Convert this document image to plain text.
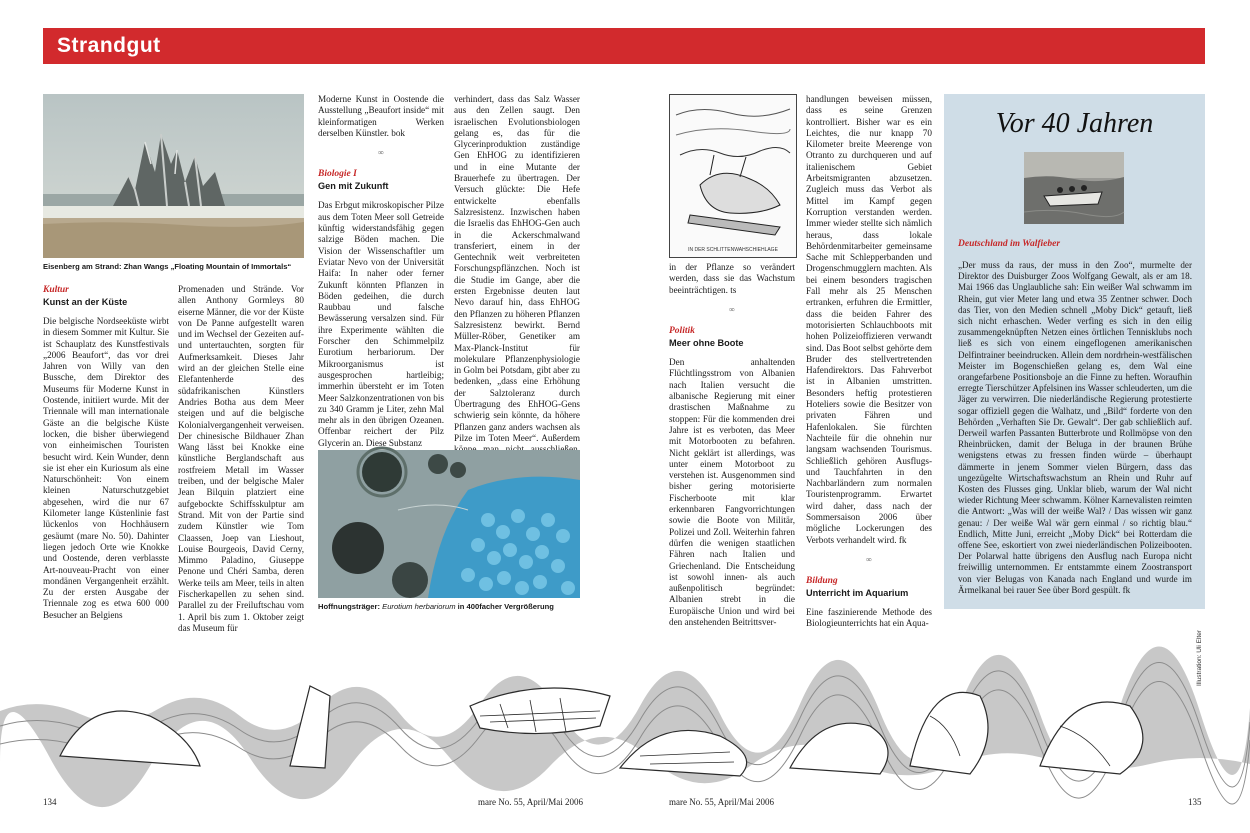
Strandgut
Eisenberg am Strand: Zhan Wangs „Floating Mountain of Immortals“
Kultur
Kunst an der Küste

Die belgische Nordseeküste wirbt in diesem Sommer mit Kultur. Sie ist Schauplatz des Kunstfestivals „2006 Beaufort“, das vor drei Jahren von Willy van den Bussche, dem Direktor des Museums für Moderne Kunst in Oostende, initiiert wurde. Mit der Triennale will man internationale Gäste an die belgische Küste locken, die bisher überwiegend von einheimischen Touristen besucht wird. Kein Wunder, denn sie ist eher ein Kuriosum als eine Naturschönheit: Von einem kleinen Naturschutzgebiet abgesehen, wird die nur 67 Kilometer lange Küstenlinie fast lückenlos von Hochhäusern gesäumt (mare No. 50). Dahinter liegen jedoch Orte wie Knokke und Oostende, deren verblasste Art-nouveau-Pracht von einer mondänen Vergangenheit erzählt. Zu der ersten Ausgabe der Triennale zog es etwa 600 000 Besucher an Belgiens

Promenaden und Strände. Vor allen Anthony Gormleys 80 eiserne Männer, die vor der Küste von De Panne aufgestellt waren und im Wechsel der Gezeiten auf- und untertauchten, sorgten für Aufmerksamkeit. Dieses Jahr wird an der gleichen Stelle eine Elefantenherde des südafrikanischen Künstlers Andries Botha aus dem Meer steigen und auf die belgische Kolonialvergangenheit verweisen. Der chinesische Bildhauer Zhan Wang lässt bei Knokke eine künstliche Berglandschaft aus rostfreiem Metall im Wasser treiben, und der belgische Maler Jean Bilquin platziert eine aufgebockte Schiffsskulptur am Strand. Mit von der Partie sind zudem Künstler wie Tom Claassen, Joep van Lieshout, Louise Bourgeois, David Cerny, Mimmo Paladino, Giuseppe Penone und Chéri Samba, deren Werke teils am Meer, teils in alten Fischerkapellen zu sehen sind. Parallel zu der Freiluftschau vom 1. April bis zum 1. Oktober zeigt das Museum für

Moderne Kunst in Oostende die Ausstellung „Beaufort inside“ mit kleinformatigen Werken derselben Künstler. bok

∞
Biologie I
Gen mit Zukunft

Das Erbgut mikroskopischer Pilze aus dem Toten Meer soll Getreide künftig widerstandsfähig gegen salzige Böden machen. Die Vision der Wissenschaftler um Eviatar Nevo von der Universität Haifa: In naher oder ferner Zukunft könnten Pflanzen in Böden gedeihen, die durch Raubbau und falsche Bewässerung versalzen sind. Für ihre Experimente wählten die Forscher den Schimmelpilz Eurotium herbariorum. Der Mikroorganismus ist ausgesprochen hartleibig; immerhin übersteht er im Toten Meer Salzkonzentrationen von bis zu 340 Gramm je Liter, zehn Mal mehr als in den übrigen Ozeanen. Offenbar reichert der Pilz Glycerin an. Diese Substanz

verhindert, dass das Salz Wasser aus den Zellen saugt. Den israelischen Evolutionsbiologen gelang es, das für die Glycerinproduktion zuständige Gen EhHOG zu identifizieren und in eine Mutante der Brauerhefe zu übertragen. Der Versuch glückte: Die Hefe entwickelte ebenfalls Salzresistenz. Inzwischen haben die Israelis das EhHOG-Gen auch in die Ackerschmalwand transferiert, einem in der Gentechnik weit verbreiteten Forschungspflänzchen. Noch ist die Studie im Gange, aber die ersten Ergebnisse deuten laut Nevo darauf hin, dass EhHOG den Pflanzen zu höheren Pflanzen Salzresistenz bewirkt. Bernd Müller-Röber, Genetiker am Max-Planck-Institut für molekulare Pflanzenphysiologie in Golm bei Potsdam, gibt aber zu bedenken, „dass eine Erhöhung der Salztoleranz durch Übertragung des EhHOG-Gens schwierig sein könnte, da höhere Pflanzen ganz anders wachsen als Pilze im Toten Meer“. Außerdem

Hoffnungsträger: Eurotium herbariorum in 400facher Vergrößerung
IN DER SCHLITTENWAHSCHIEHLAGE

in der Pflanze so verändert werden, dass sie das Wachstum beeinträchtigen. ts

∞
Politik
Meer ohne Boote

Den anhaltenden Flüchtlingsstrom von Albanien nach Italien versucht die albanische Regierung mit einer drastischen Maßnahme zu stoppen: Für die kommenden drei Jahre ist es verboten, das Meer mit Motorbooten zu befahren. Nicht geklärt ist allerdings, was unter einem Motorboot zu verstehen ist. Ausgenommen sind bisher gering motorisierte Fischerboote mit klar erkennbaren Fangvorrichtungen sowie die Boote von Militär, Polizei und Zoll. Weiterhin fahren dürfen die wenigen staatlichen Fähren nach Italien und Griechenland. Die Entscheidung ist sowohl innen- als auch außenpolitisch begründet: Albanien strebt in die Europäische Union und wird bei den anstehenden Beitrittsver-

handlungen beweisen müssen, dass es seine Grenzen kontrolliert. Bisher war es ein Leichtes, die nur knapp 70 Kilometer breite Meerenge von Otranto zu durchqueren und auf italienischem Gebiet Arbeitsmigranten abzusetzen. Zugleich muss das Verbot als Mittel im Kampf gegen Korruption verstanden werden. Immer wieder stellte sich nämlich heraus, dass lokale Behördenmitarbeiter gemeinsame Sache mit Schlepperbanden und Drogenschmugglern machten. Als bei einem besonders tragischen Fall mehr als 25 Menschen ertranken, erfuhren die Ermittler, dass die beiden Fahrer des motorisierten Schlauchboots mit hohen Polizeioffizieren verwandt sind. Das Boot selbst gehörte dem Bruder des stellvertretenden Hafendirektors. Das Fahrverbot ist in Albanien umstritten. Besonders heftig protestieren Hoteliers sowie die Besitzer von privaten Fähren und Hafenlokalen. Sie fürchten Nachteile für die ohnehin nur langsam wachsenden Tourismus. Schließlich gehören Ausflugs- und Tauchfahrten in den Nachbarländern zum normalen Touristenprogramm. Erwartet wird daher, dass nach der Sommersaison 2006 über mögliche Lockerungen des Verbots verhandelt wird. fk

∞
Bildung
Unterricht im Aquarium

Eine faszinierende Methode des Biologieunterrichts hat ein Aqua-

Vor 40 Jahren
Deutschland im Walfieber

„Der muss da raus, der muss in den Zoo“, murmelte der Direktor des Duisburger Zoos Wolfgang Gewalt, als er am 18. Mai 1966 das Unglaubliche sah: Ein weißer Wal schwamm im Rhein, gut vier Meter lang und etwa 35 Zentner schwer. Doch das Tier, von den Medien schnell „Moby Dick“ getauft, ließ sich nicht erhaschen. Weder verfing es sich in den eilig zusammengeknüpften Netzen eines örtlichen Tennisklubs noch ließ es sich von einem eingeflogenen amerikanischen Delfintrainer beeindrucken. Allein dem nordrhein-westfälischen Meister im Bogenschießen gelang es, dem Wal eine orangefarbene Positionsboje an die Finne zu heften. Woraufhin erregte Tierschützer Apfelsinen ins Wasser schleuderten, um die Jäger zu verwirren. Die niederländische Regierung protestierte sogar offiziell gegen die Walhatz, und „Bild“ forderte von den Behörden „Verhaften Sie Dr. Gewalt“. Der gab schließlich auf. Derweil warfen Passanten Butterbrote und Rollmöpse von den Rheinbrücken, damit der Beluga in der braunen Brühe wenigstens etwas zu fressen finden würde – überhaupt dämmerte in jenem Sommer vielen Bürgern, dass das ungezügelte Wirtschaftswachstum an Rhein und Ruhr auf Kosten des Flusses ging. Unklar blieb, warum der Wal nicht wieder Richtung Meer schwamm. Kölner Karnevalisten reimten die Antwort: „Was will der weiße Wal? / Das wissen wir ganz genau: / Der weiße Wal wär gern einmal / so richtig blau.“ Endlich, Mitte Juni, erreicht „Moby Dick“ bei Rotterdam die offene See, eskortiert von zwei niederländischen Polizeibooten. Der Polarwal hatte übrigens den Ausflug nach Europa nicht freiwillig unternommen. Er entstammte einem Zoostransport von vier Belugas von Kanada nach England und wurde im Ärmelkanal bei rauer See über Bord gespült. fk

Illustration: Uli Elter
134	mare No. 55, April/Mai 2006	mare No. 55, April/Mai 2006	135
